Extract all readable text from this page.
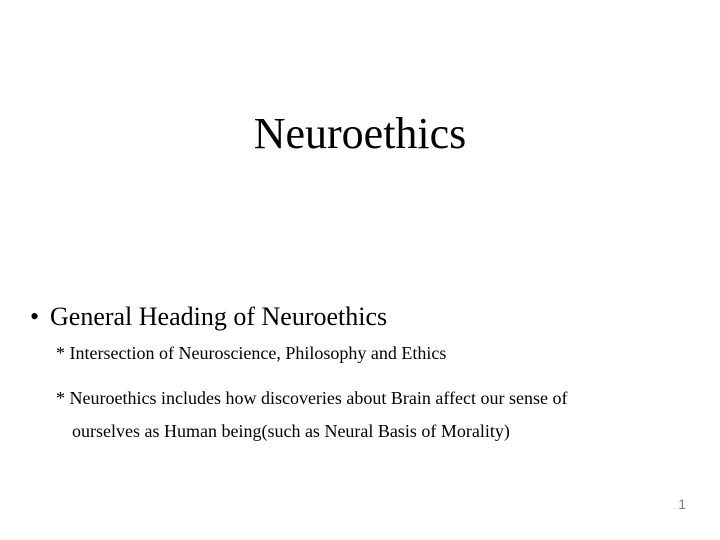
Neuroethics
• General Heading of Neuroethics
* Intersection of Neuroscience, Philosophy and Ethics
* Neuroethics includes how discoveries about Brain affect our sense of
ourselves as Human being(such as Neural Basis of Morality)
1
